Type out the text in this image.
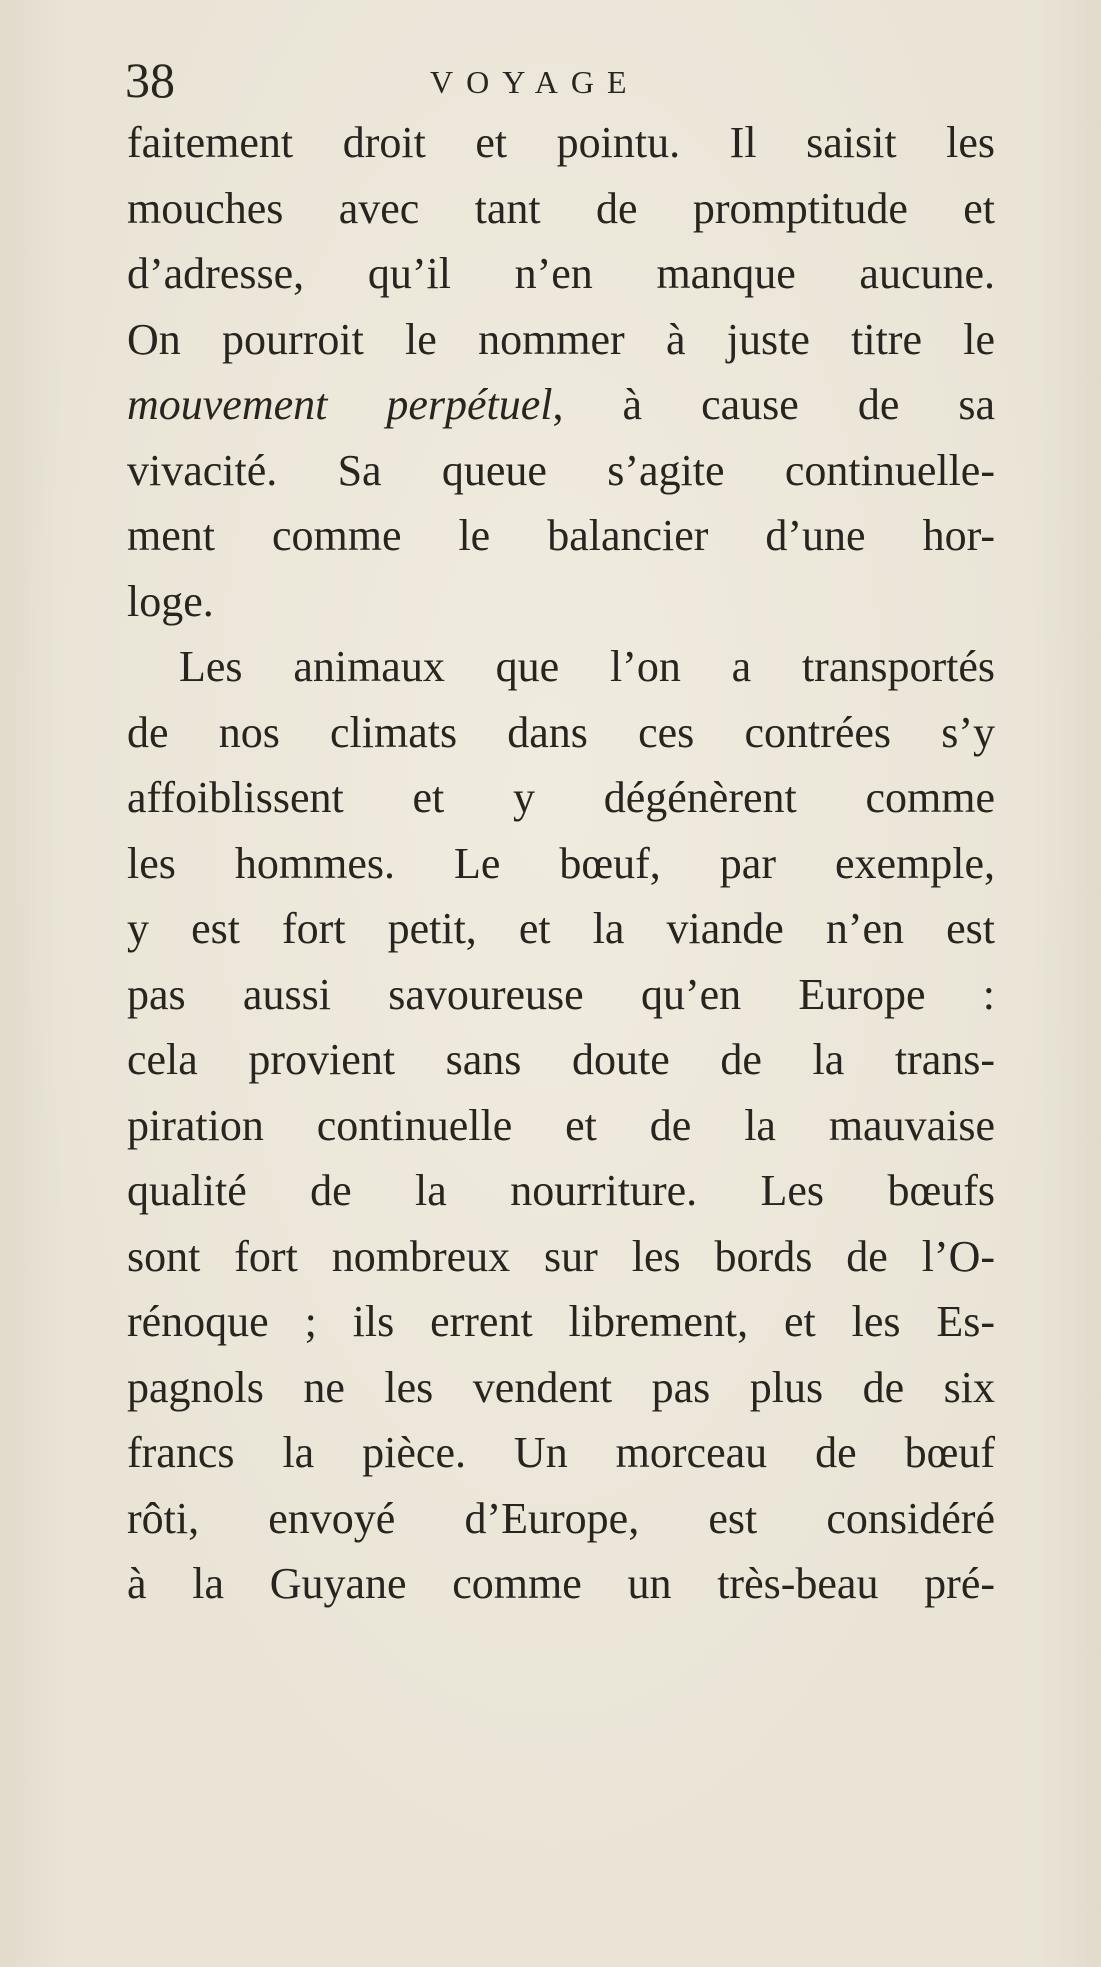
38	VOYAGE
faitement droit et pointu. Il saisit les
mouches avec tant de promptitude et
d’adresse, qu’il n’en manque aucune.
On pourroit le nommer à juste titre le
mouvement perpétuel, à cause de sa
vivacité. Sa queue s’agite continuelle-
ment comme le balancier d’une hor-
loge.
Les animaux que l’on a transportés
de nos climats dans ces contrées s’y
affoiblissent et y dégénèrent comme
les hommes. Le bœuf, par exemple,
y est fort petit, et la viande n’en est
pas aussi savoureuse qu’en Europe :
cela provient sans doute de la trans-
piration continuelle et de la mauvaise
qualité de la nourriture. Les bœufs
sont fort nombreux sur les bords de l’O-
rénoque ; ils errent librement, et les Es-
pagnols ne les vendent pas plus de six
francs la pièce. Un morceau de bœuf
rôti, envoyé d’Europe, est considéré
à la Guyane comme un très-beau pré-
